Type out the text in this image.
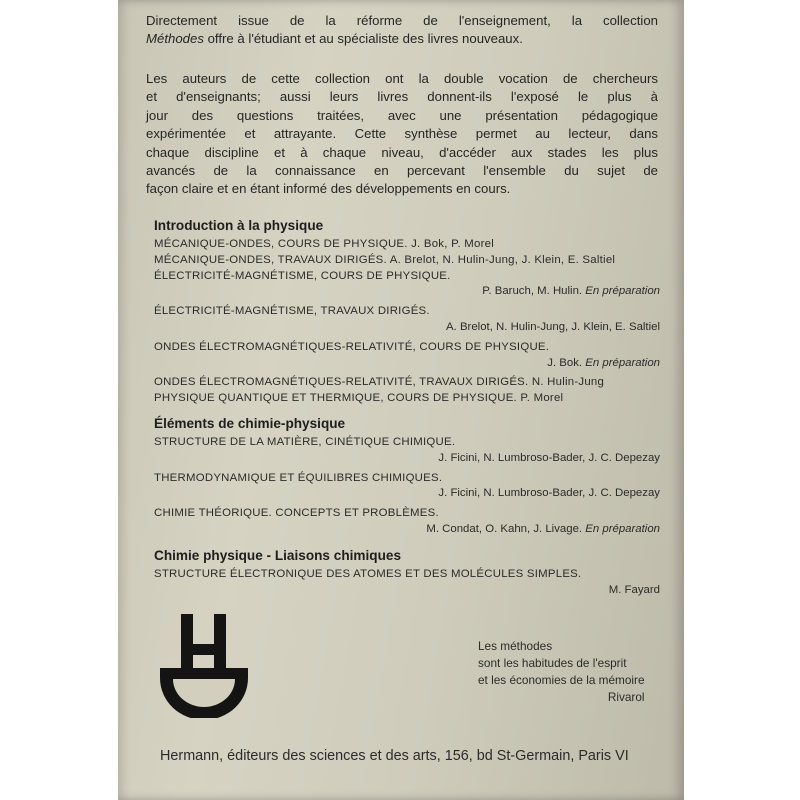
Directement issue de la réforme de l'enseignement, la collection
Méthodes offre à l'étudiant et au spécialiste des livres nouveaux.
Les auteurs de cette collection ont la double vocation de chercheurs
et d'enseignants; aussi leurs livres donnent-ils l'exposé le plus à
jour des questions traitées, avec une présentation pédagogique
expérimentée et attrayante. Cette synthèse permet au lecteur, dans
chaque discipline et à chaque niveau, d'accéder aux stades les plus
avancés de la connaissance en percevant l'ensemble du sujet de
façon claire et en étant informé des développements en cours.
Introduction à la physique
MÉCANIQUE-ONDES, COURS DE PHYSIQUE. J. Bok, P. Morel
MÉCANIQUE-ONDES, TRAVAUX DIRIGÉS. A. Brelot, N. Hulin-Jung, J. Klein, E. Saltiel
ÉLECTRICITÉ-MAGNÉTISME, COURS DE PHYSIQUE.
P. Baruch, M. Hulin. En préparation
ÉLECTRICITÉ-MAGNÉTISME, TRAVAUX DIRIGÉS.
A. Brelot, N. Hulin-Jung, J. Klein, E. Saltiel
ONDES ÉLECTROMAGNÉTIQUES-RELATIVITÉ, COURS DE PHYSIQUE.
J. Bok. En préparation
ONDES ÉLECTROMAGNÉTIQUES-RELATIVITÉ, TRAVAUX DIRIGÉS. N. Hulin-Jung
PHYSIQUE QUANTIQUE ET THERMIQUE, COURS DE PHYSIQUE. P. Morel
Éléments de chimie-physique
STRUCTURE DE LA MATIÈRE, CINÉTIQUE CHIMIQUE.
J. Ficini, N. Lumbroso-Bader, J. C. Depezay
THERMODYNAMIQUE ET ÉQUILIBRES CHIMIQUES.
J. Ficini, N. Lumbroso-Bader, J. C. Depezay
CHIMIE THÉORIQUE. CONCEPTS ET PROBLÈMES.
M. Condat, O. Kahn, J. Livage. En préparation
Chimie physique - Liaisons chimiques
STRUCTURE ÉLECTRONIQUE DES ATOMES ET DES MOLÉCULES SIMPLES.
M. Fayard
Les méthodes
sont les habitudes de l'esprit
et les économies de la mémoire
Rivarol
Hermann, éditeurs des sciences et des arts, 156, bd St-Germain, Paris VI
